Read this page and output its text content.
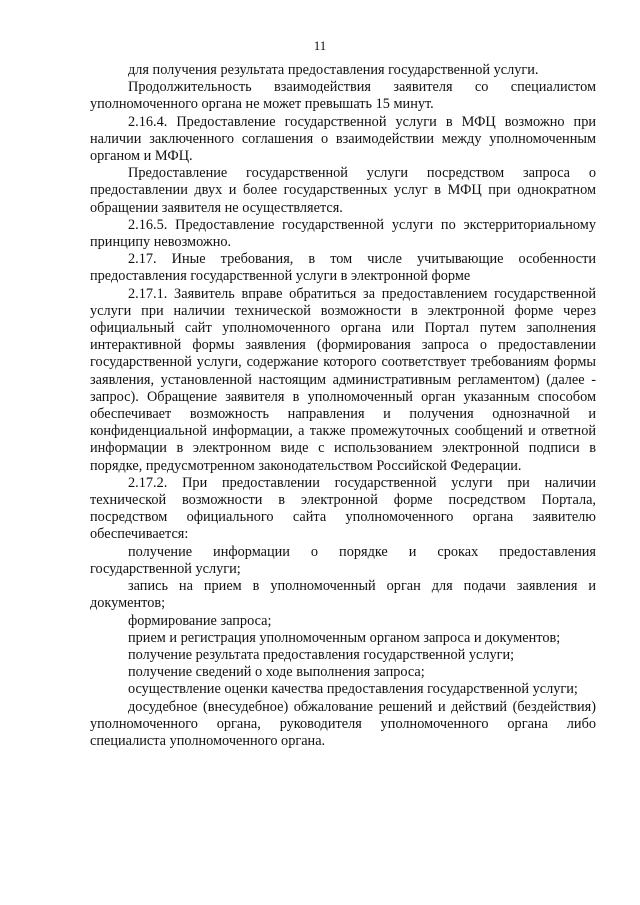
11

для получения результата предоставления государственной услуги.

Продолжительность взаимодействия заявителя со специалистом уполномоченного органа не может превышать 15 минут.

2.16.4. Предоставление государственной услуги в МФЦ возможно при наличии заключенного соглашения о взаимодействии между уполномоченным органом и МФЦ.

Предоставление государственной услуги посредством запроса о предоставлении двух и более государственных услуг в МФЦ при однократном обращении заявителя не осуществляется.

2.16.5. Предоставление государственной услуги по экстерриториальному принципу невозможно.

2.17. Иные требования, в том числе учитывающие особенности предоставления государственной услуги в электронной форме

2.17.1. Заявитель вправе обратиться за предоставлением государственной услуги при наличии технической возможности в электронной форме через официальный сайт уполномоченного органа или Портал путем заполнения интерактивной формы заявления (формирования запроса о предоставлении государственной услуги, содержание которого соответствует требованиям формы заявления, установленной настоящим административным регламентом) (далее - запрос). Обращение заявителя в уполномоченный орган указанным способом обеспечивает возможность направления и получения однозначной и конфиденциальной информации, а также промежуточных сообщений и ответной информации в электронном виде с использованием электронной подписи в порядке, предусмотренном законодательством Российской Федерации.

2.17.2. При предоставлении государственной услуги при наличии технической возможности в электронной форме посредством Портала, посредством официального сайта уполномоченного органа заявителю обеспечивается:

получение информации о порядке и сроках предоставления государственной услуги;

запись на прием в уполномоченный орган для подачи заявления и документов;

формирование запроса;

прием и регистрация уполномоченным органом запроса и документов;

получение результата предоставления государственной услуги;

получение сведений о ходе выполнения запроса;

осуществление оценки качества предоставления государственной услуги;

досудебное (внесудебное) обжалование решений и действий (бездействия) уполномоченного органа, руководителя уполномоченного органа либо специалиста уполномоченного органа.
